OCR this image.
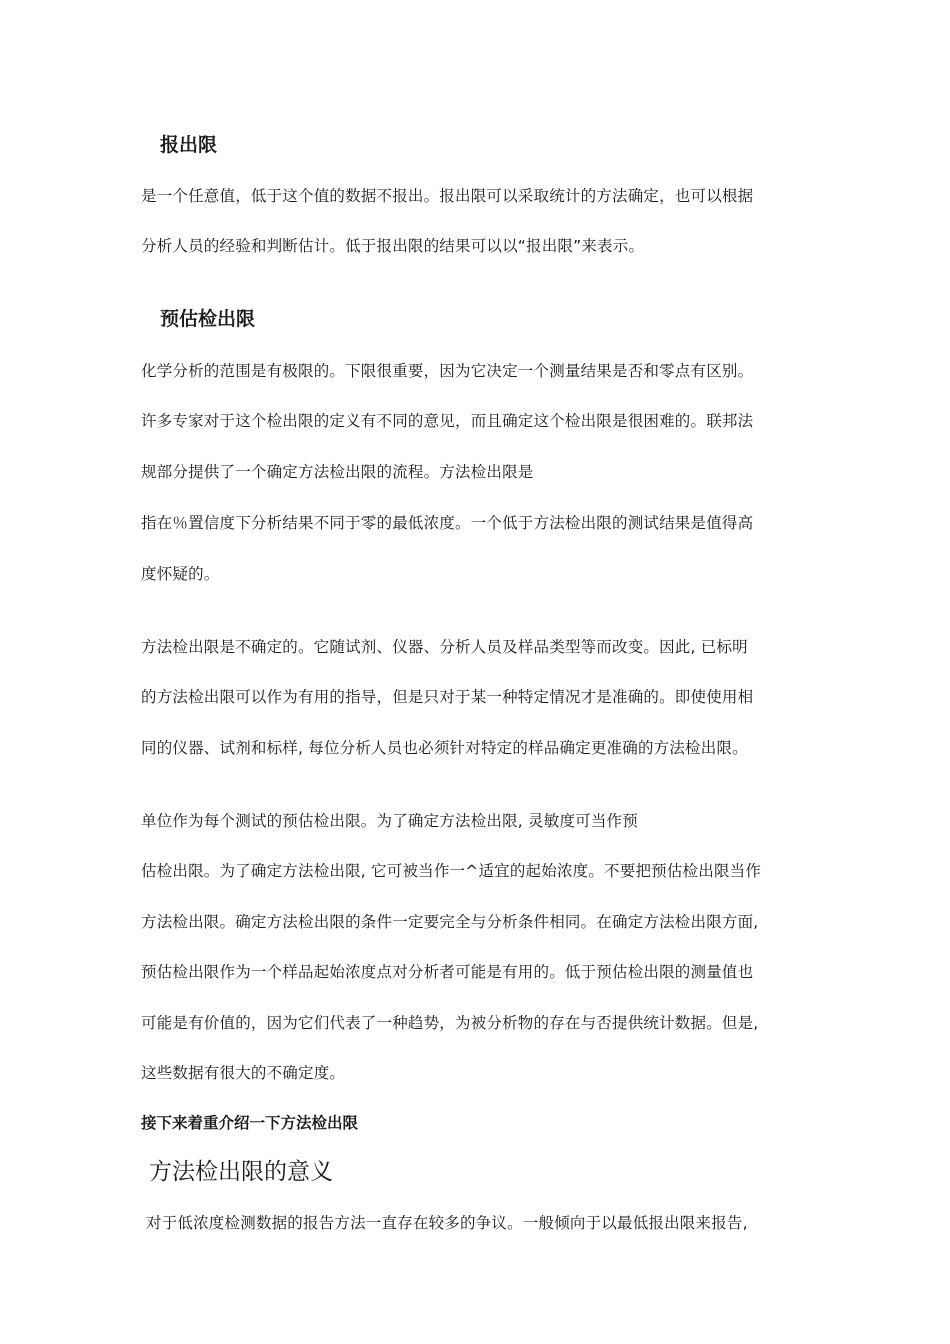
报出限
是一个任意值，低于这个值的数据不报出。报出限可以采取统计的方法确定，也可以根据
分析人员的经验和判断估计。低于报出限的结果可以以“报出限”来表示。
预估检出限
化学分析的范围是有极限的。下限很重要，因为它决定一个测量结果是否和零点有区别。
许多专家对于这个检出限的定义有不同的意见，而且确定这个检出限是很困难的。联邦法
规部分提供了一个确定方法检出限的流程。方法检出限是
指在％置信度下分析结果不同于零的最低浓度。一个低于方法检出限的测试结果是值得高
度怀疑的。
方法检出限是不确定的。它随试剂、仪器、分析人员及样品类型等而改变。因此, 已标明
的方法检出限可以作为有用的指导，但是只对于某一种特定情况才是准确的。即使使用相
同的仪器、试剂和标样, 每位分析人员也必须针对特定的样品确定更准确的方法检出限。
单位作为每个测试的预估检出限。为了确定方法检出限, 灵敏度可当作预
估检出限。为了确定方法检出限, 它可被当作一^适宜的起始浓度。不要把预估检出限当作
方法检出限。确定方法检出限的条件一定要完全与分析条件相同。在确定方法检出限方面,
预估检出限作为一个样品起始浓度点对分析者可能是有用的。低于预估检出限的测量值也
可能是有价值的，因为它们代表了一种趋势，为被分析物的存在与否提供统计数据。但是,
这些数据有很大的不确定度。
接下来着重介绍一下方法检出限
方法检出限的意义
对于低浓度检测数据的报告方法一直存在较多的争议。一般倾向于以最低报出限来报告,
